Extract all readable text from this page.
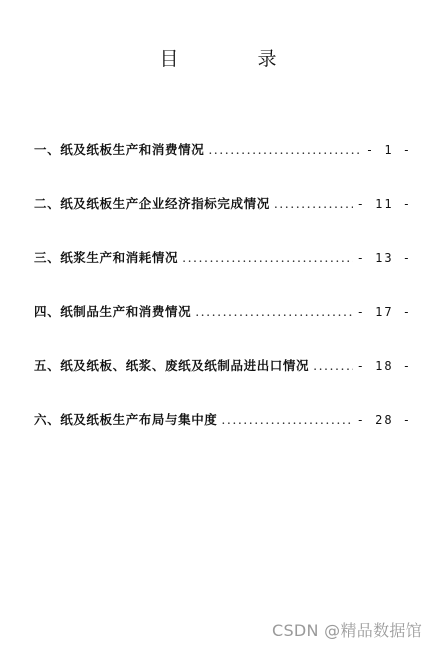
目　录
一、纸及纸板生产和消费情况 .....	- 1 -
二、纸及纸板生产企业经济指标完成情况 .....	- 11 -
三、纸浆生产和消耗情况 .....	- 13 -
四、纸制品生产和消费情况 .....	- 17 -
五、纸及纸板、纸浆、废纸及纸制品进出口情况 .....	- 18 -
六、纸及纸板生产布局与集中度 .....	- 28 -
CSDN @精品数据馆
